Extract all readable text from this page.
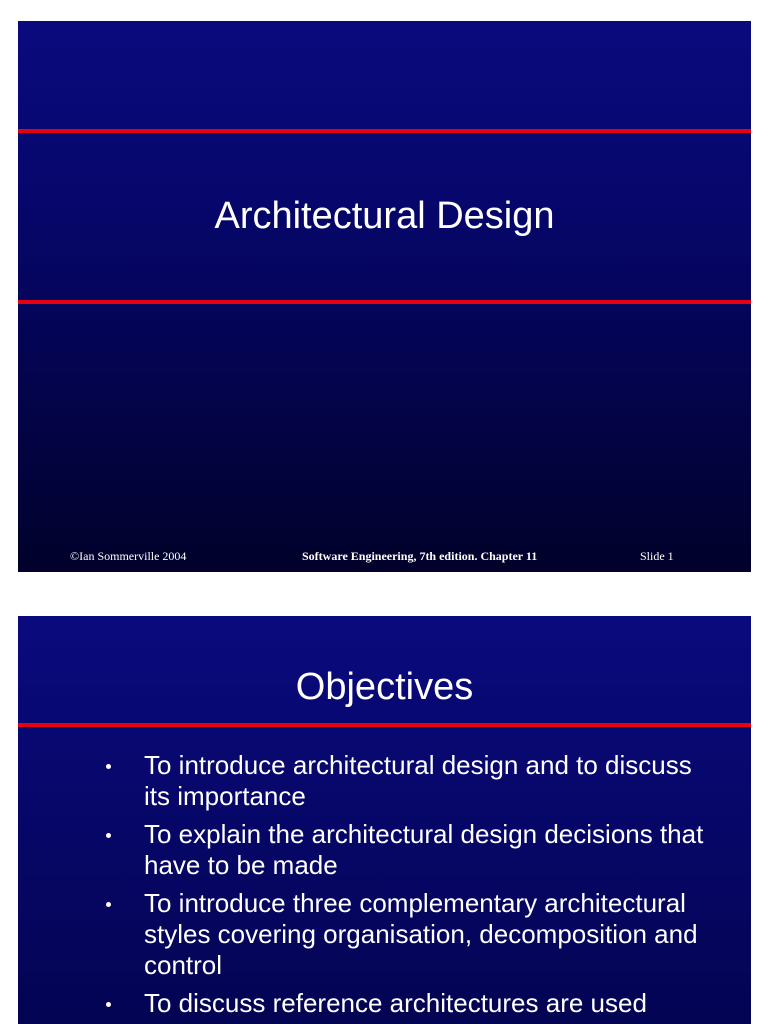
Architectural Design
©Ian Sommerville 2004	Software Engineering, 7th edition. Chapter 11	Slide 1
Objectives
To introduce architectural design and to discuss its importance
To explain the architectural design decisions that have to be made
To introduce three complementary architectural styles covering organisation, decomposition and control
To discuss reference architectures are used
